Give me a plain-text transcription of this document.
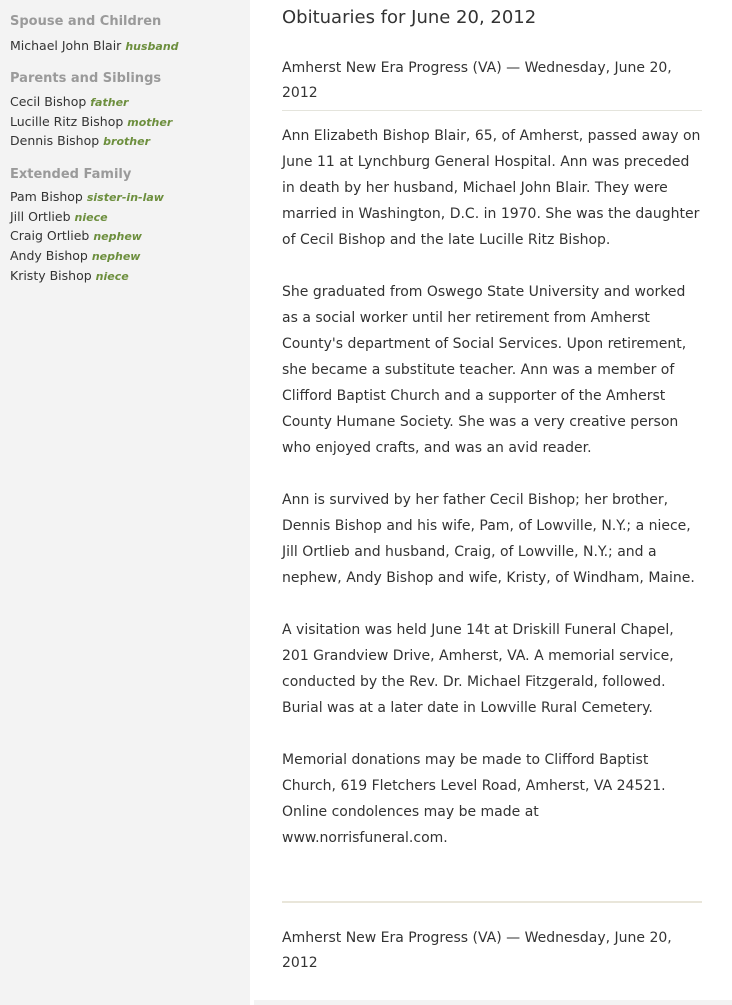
Spouse and Children
Michael John Blair husband
Parents and Siblings
Cecil Bishop father
Lucille Ritz Bishop mother
Dennis Bishop brother
Extended Family
Pam Bishop sister-in-law
Jill Ortlieb niece
Craig Ortlieb nephew
Andy Bishop nephew
Kristy Bishop niece
Obituaries for June 20, 2012
Amherst New Era Progress (VA) — Wednesday, June 20, 2012

Ann Elizabeth Bishop Blair, 65, of Amherst, passed away on June 11 at Lynchburg General Hospital. Ann was preceded in death by her husband, Michael John Blair. They were married in Washington, D.C. in 1970. She was the daughter of Cecil Bishop and the late Lucille Ritz Bishop.

She graduated from Oswego State University and worked as a social worker until her retirement from Amherst County's department of Social Services. Upon retirement, she became a substitute teacher. Ann was a member of Clifford Baptist Church and a supporter of the Amherst County Humane Society. She was a very creative person who enjoyed crafts, and was an avid reader.

Ann is survived by her father Cecil Bishop; her brother, Dennis Bishop and his wife, Pam, of Lowville, N.Y.; a niece, Jill Ortlieb and husband, Craig, of Lowville, N.Y.; and a nephew, Andy Bishop and wife, Kristy, of Windham, Maine.

A visitation was held June 14t at Driskill Funeral Chapel, 201 Grandview Drive, Amherst, VA. A memorial service, conducted by the Rev. Dr. Michael Fitzgerald, followed. Burial was at a later date in Lowville Rural Cemetery.

Memorial donations may be made to Clifford Baptist Church, 619 Fletchers Level Road, Amherst, VA 24521. Online condolences may be made at www.norrisfuneral.com.

Amherst New Era Progress (VA) — Wednesday, June 20, 2012
